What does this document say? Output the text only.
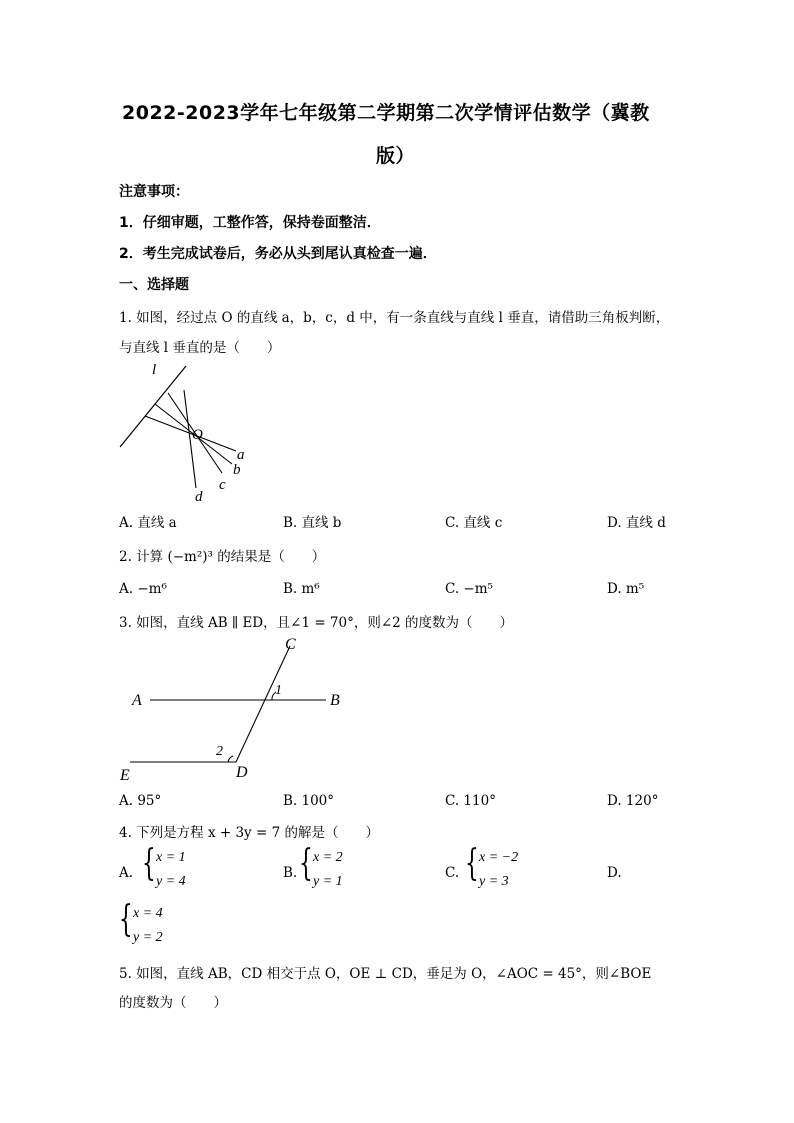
2022-2023学年七年级第二学期第二次学情评估数学（冀教
版）
注意事项：
1．仔细审题，工整作答，保持卷面整洁．
2．考生完成试卷后，务必从头到尾认真检查一遍．
一、选择题
1. 如图，经过点 O 的直线 a，b，c，d 中，有一条直线与直线 l 垂直，请借助三角板判断，
与直线 l 垂直的是（　　）
l
O
a
b
c
d
A. 直线 a	B. 直线 b	C. 直线 c	D. 直线 d
2. 计算 (−m²)³ 的结果是（　　）
A. −m⁶	B. m⁶	C. −m⁵	D. m⁵
3. 如图，直线 AB ∥ ED，且∠1 = 70°，则∠2 的度数为（　　）
C
A	B
1
2
E	D
A. 95°	B. 100°	C. 110°	D. 120°
4. 下列是方程 x + 3y = 7 的解是（　　）
A. { x = 1
y = 4
B. { x = 2
y = 1
C. { x = −2
y = 3
D.
{ x = 4
y = 2
5. 如图，直线 AB，CD 相交于点 O，OE ⊥ CD，垂足为 O，∠AOC = 45°，则∠BOE
的度数为（　　）
